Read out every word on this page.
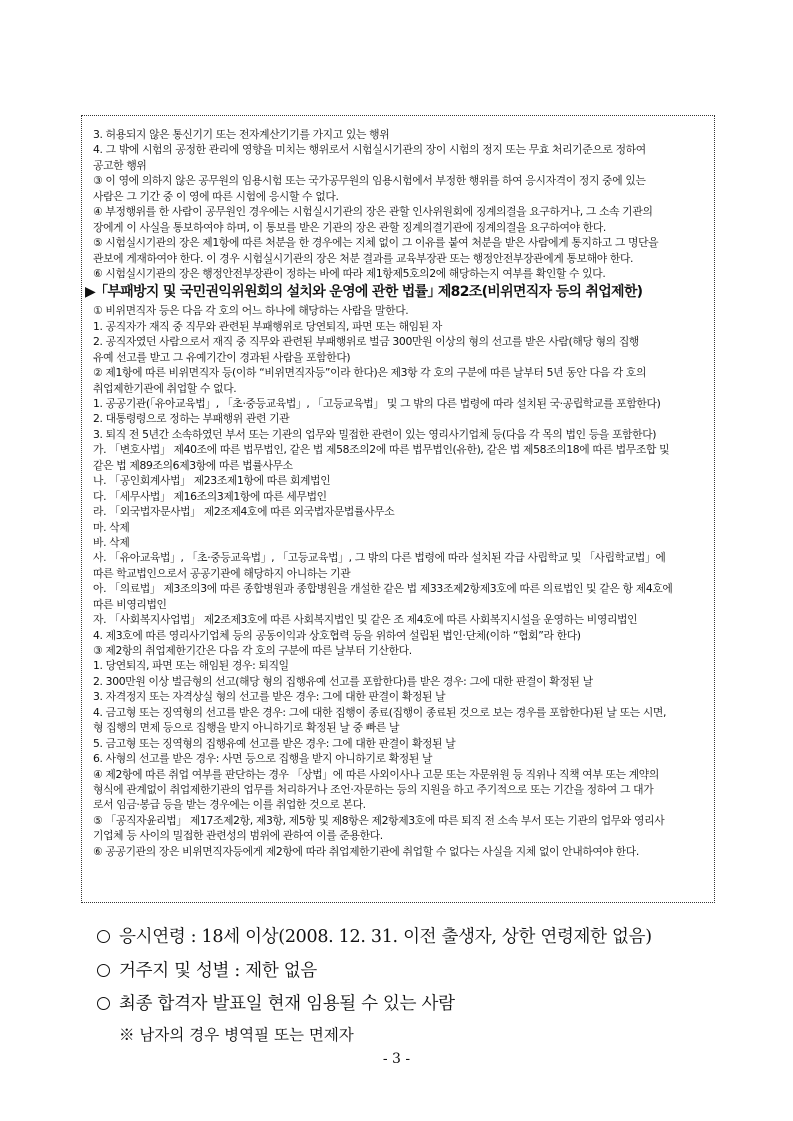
3. 허용되지 않은 통신기기 또는 전자계산기기를 가지고 있는 행위
4. 그 밖에 시험의 공정한 관리에 영향을 미치는 행위로서 시험실시기관의 장이 시험의 정지 또는 무효 처리기준으로 정하여
공고한 행위
③ 이 영에 의하지 않은 공무원의 임용시험 또는 국가공무원의 임용시험에서 부정한 행위를 하여 응시자격이 정지 중에 있는
사람은 그 기간 중 이 영에 따른 시험에 응시할 수 없다.
④ 부정행위를 한 사람이 공무원인 경우에는 시험실시기관의 장은 관할 인사위원회에 징계의결을 요구하거나, 그 소속 기관의
장에게 이 사실을 통보하여야 하며, 이 통보를 받은 기관의 장은 관할 징계의결기관에 징계의결을 요구하여야 한다.
⑤ 시험실시기관의 장은 제1항에 따른 처분을 한 경우에는 지체 없이 그 이유를 붙여 처분을 받은 사람에게 통지하고 그 명단을
관보에 게재하여야 한다. 이 경우 시험실시기관의 장은 처분 결과를 교육부장관 또는 행정안전부장관에게 통보해야 한다.
⑥ 시험실시기관의 장은 행정안전부장관이 정하는 바에 따라 제1항제5호의2에 해당하는지 여부를 확인할 수 있다.
▶ ｢부패방지 및 국민권익위원회의 설치와 운영에 관한 법률｣ 제82조(비위면직자 등의 취업제한)
① 비위면직자 등은 다음 각 호의 어느 하나에 해당하는 사람을 말한다.
1. 공직자가 재직 중 직무와 관련된 부패행위로 당연퇴직, 파면 또는 해임된 자
2. 공직자였던 사람으로서 재직 중 직무와 관련된 부패행위로 벌금 300만원 이상의 형의 선고를 받은 사람(해당 형의 집행
유예 선고를 받고 그 유예기간이 경과된 사람을 포함한다)
② 제1항에 따른 비위면직자 등(이하 “비위면직자등”이라 한다)은 제3항 각 호의 구분에 따른 날부터 5년 동안 다음 각 호의
취업제한기관에 취업할 수 없다.
1. 공공기관(「유아교육법」, 「초·중등교육법」, 「고등교육법」 및 그 밖의 다른 법령에 따라 설치된 국·공립학교를 포함한다)
2. 대통령령으로 정하는 부패행위 관련 기관
3. 퇴직 전 5년간 소속하였던 부서 또는 기관의 업무와 밀접한 관련이 있는 영리사기업체 등(다음 각 목의 법인 등을 포함한다)
가. 「변호사법」 제40조에 따른 법무법인, 같은 법 제58조의2에 따른 법무법인(유한), 같은 법 제58조의18에 따른 법무조합 및
같은 법 제89조의6제3항에 따른 법률사무소
나. 「공인회계사법」 제23조제1항에 따른 회계법인
다. 「세무사법」 제16조의3제1항에 따른 세무법인
라. 「외국법자문사법」 제2조제4호에 따른 외국법자문법률사무소
마. 삭제
바. 삭제
사. 「유아교육법」, 「초·중등교육법」, 「고등교육법」, 그 밖의 다른 법령에 따라 설치된 각급 사립학교 및 「사립학교법」에
따른 학교법인으로서 공공기관에 해당하지 아니하는 기관
아. 「의료법」 제3조의3에 따른 종합병원과 종합병원을 개설한 같은 법 제33조제2항제3호에 따른 의료법인 및 같은 항 제4호에
따른 비영리법인
자. 「사회복지사업법」 제2조제3호에 따른 사회복지법인 및 같은 조 제4호에 따른 사회복지시설을 운영하는 비영리법인
4. 제3호에 따른 영리사기업체 등의 공동이익과 상호협력 등을 위하여 설립된 법인·단체(이하 “협회”라 한다)
③ 제2항의 취업제한기간은 다음 각 호의 구분에 따른 날부터 기산한다.
1. 당연퇴직, 파면 또는 해임된 경우: 퇴직일
2. 300만원 이상 벌금형의 선고(해당 형의 집행유예 선고를 포함한다)를 받은 경우: 그에 대한 판결이 확정된 날
3. 자격정지 또는 자격상실 형의 선고를 받은 경우: 그에 대한 판결이 확정된 날
4. 금고형 또는 징역형의 선고를 받은 경우: 그에 대한 집행이 종료(집행이 종료된 것으로 보는 경우를 포함한다)된 날 또는 시면,
형 집행의 면제 등으로 집행을 받지 아니하기로 확정된 날 중 빠른 날
5. 금고형 또는 징역형의 집행유예 선고를 받은 경우: 그에 대한 판결이 확정된 날
6. 사형의 선고를 받은 경우: 사면 등으로 집행을 받지 아니하기로 확정된 날
④ 제2항에 따른 취업 여부를 판단하는 경우 「상법」에 따른 사외이사나 고문 또는 자문위원 등 직위나 직책 여부 또는 계약의
형식에 관계없이 취업제한기관의 업무를 처리하거나 조언·자문하는 등의 지원을 하고 주기적으로 또는 기간을 정하여 그 대가
로서 임금·봉급 등을 받는 경우에는 이를 취업한 것으로 본다.
⑤ 「공직자윤리법」 제17조제2항, 제3항, 제5항 및 제8항은 제2항제3호에 따른 퇴직 전 소속 부서 또는 기관의 업무와 영리사
기업체 등 사이의 밀접한 관련성의 범위에 관하여 이를 준용한다.
⑥ 공공기관의 장은 비위면직자등에게 제2항에 따라 취업제한기관에 취업할 수 없다는 사실을 지체 없이 안내하여야 한다.
응시연령 : 18세 이상(2008. 12. 31. 이전 출생자, 상한 연령제한 없음)
거주지 및 성별 : 제한 없음
최종 합격자 발표일 현재 임용될 수 있는 사람
※ 남자의 경우 병역필 또는 면제자
- 3 -
